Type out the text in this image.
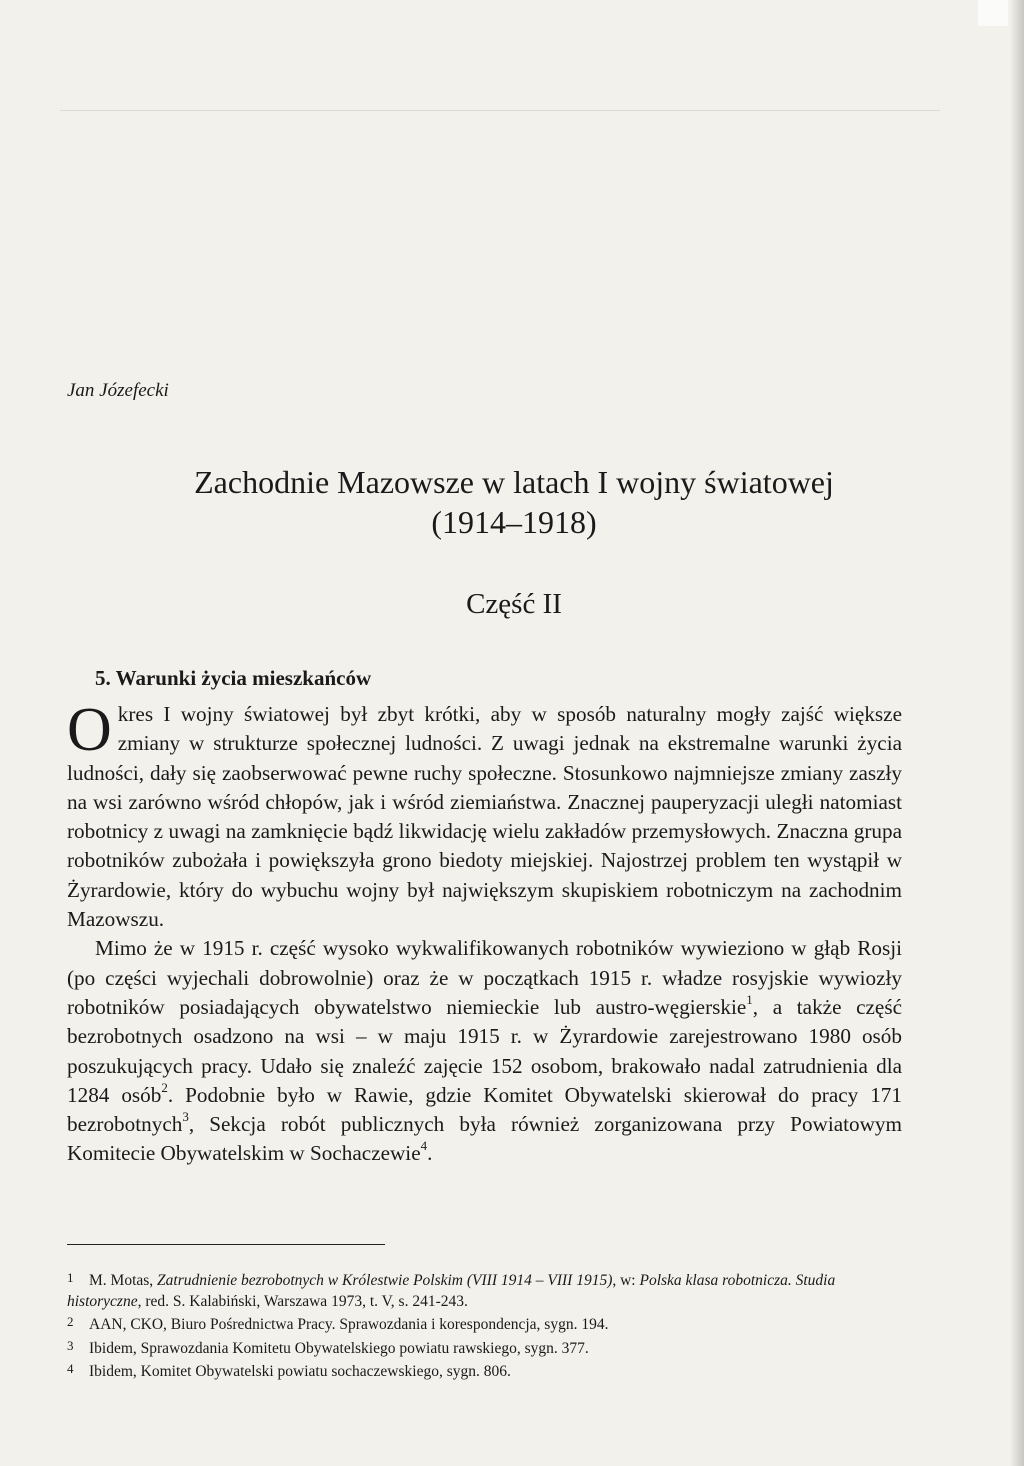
Jan Józefecki
Zachodnie Mazowsze w latach I wojny światowej
(1914–1918)
Część II
5. Warunki życia mieszkańców

Okres I wojny światowej był zbyt krótki, aby w sposób naturalny mogły zajść większe zmiany w strukturze społecznej ludności. Z uwagi jednak na ekstremalne warunki życia ludności, dały się zaobserwować pewne ruchy społeczne. Stosunkowo najmniejsze zmiany zaszły na wsi zarówno wśród chłopów, jak i wśród ziemiaństwa. Znacznej pauperyzacji uległi natomiast robotnicy z uwagi na zamknięcie bądź likwidację wielu zakładów przemysłowych. Znaczna grupa robotników zubożała i powiększyła grono biedoty miejskiej. Najostrzej problem ten wystąpił w Żyrardowie, który do wybuchu wojny był największym skupiskiem robotniczym na zachodnim Mazowszu.

Mimo że w 1915 r. część wysoko wykwalifikowanych robotników wywieziono w głąb Rosji (po części wyjechali dobrowolnie) oraz że w początkach 1915 r. władze rosyjskie wywiozły robotników posiadających obywatelstwo niemieckie lub austro-węgierskie$^1$, a także część bezrobotnych osadzono na wsi – w maju 1915 r. w Żyrardowie zarejestrowano 1980 osób poszukujących pracy. Udało się znaleźć zajęcie 152 osobom, brakowało nadal zatrudnienia dla 1284 osób$^2$. Podobnie było w Rawie, gdzie Komitet Obywatelski skierował do pracy 171 bezrobotnych$^3$, Sekcja robót publicznych była również zorganizowana przy Powiatowym Komitecie Obywatelskim w Sochaczewie$^4$.

1 M. Motas, Zatrudnienie bezrobotnych w Królestwie Polskim (VIII 1914 – VIII 1915), w: Polska klasa robotnicza. Studia historyczne, red. S. Kalabiński, Warszawa 1973, t. V, s. 241-243.

2 AAN, CKO, Biuro Pośrednictwa Pracy. Sprawozdania i korespondencja, sygn. 194.

3 Ibidem, Sprawozdania Komitetu Obywatelskiego powiatu rawskiego, sygn. 377.

4 Ibidem, Komitet Obywatelski powiatu sochaczewskiego, sygn. 806.
